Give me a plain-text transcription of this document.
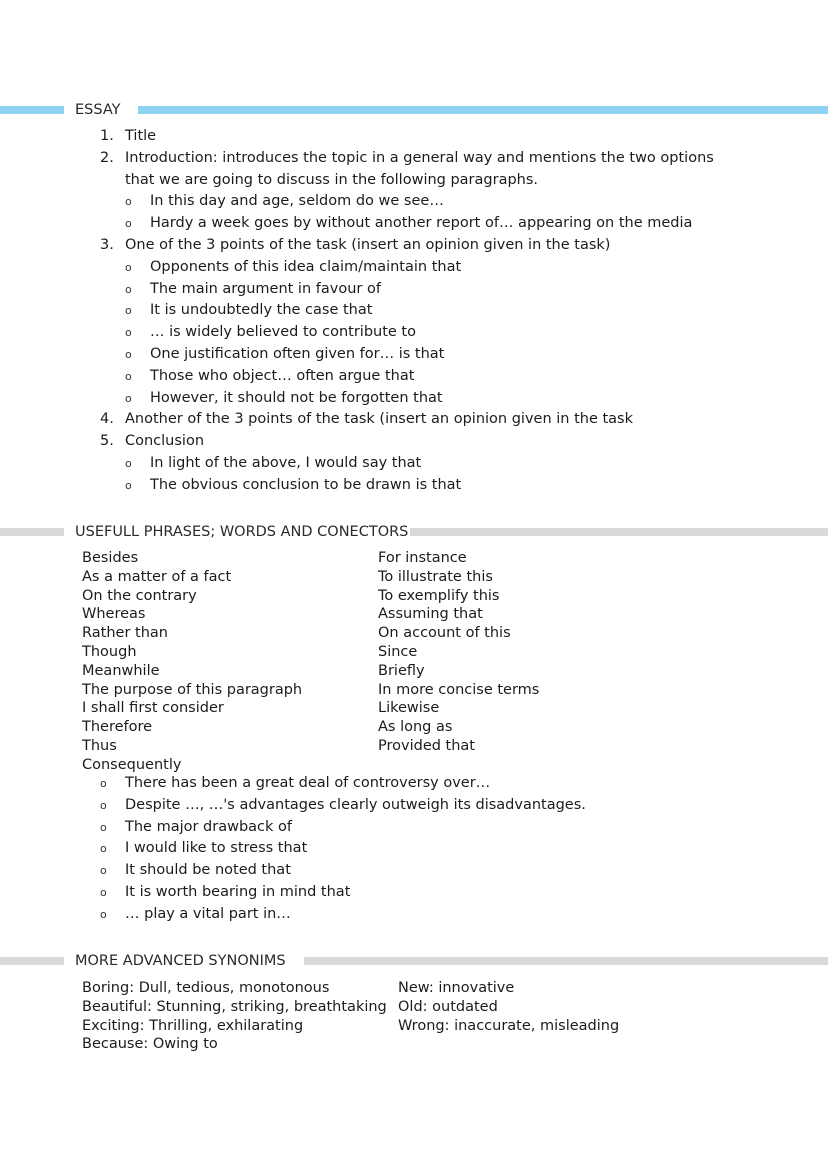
ESSAY
1. Title
2. Introduction: introduces the topic in a general way and mentions the two options
that we are going to discuss in the following paragraphs.
o In this day and age, seldom do we see…
o Hardy a week goes by without another report of… appearing on the media
3. One of the 3 points of the task (insert an opinion given in the task)
o Opponents of this idea claim/maintain that
o The main argument in favour of
o It is undoubtedly the case that
o … is widely believed to contribute to
o One justification often given for… is that
o Those who object… often argue that
o However, it should not be forgotten that
4. Another of the 3 points of the task (insert an opinion given in the task
5. Conclusion
o In light of the above, I would say that
o The obvious conclusion to be drawn is that
USEFULL PHRASES; WORDS AND CONECTORS
Besides
As a matter of a fact
On the contrary
Whereas
Rather than
Though
Meanwhile
The purpose of this paragraph
I shall first consider
Therefore
Thus
Consequently
For instance
To illustrate this
To exemplify this
Assuming that
On account of this
Since
Briefly
In more concise terms
Likewise
As long as
Provided that
o There has been a great deal of controversy over…
o Despite …, …'s advantages clearly outweigh its disadvantages.
o The major drawback of
o I would like to stress that
o It should be noted that
o It is worth bearing in mind that
o … play a vital part in…
MORE ADVANCED SYNONIMS
Boring: Dull, tedious, monotonous
Beautiful: Stunning, striking, breathtaking
Exciting: Thrilling, exhilarating
Because: Owing to
New: innovative
Old: outdated
Wrong: inaccurate, misleading
